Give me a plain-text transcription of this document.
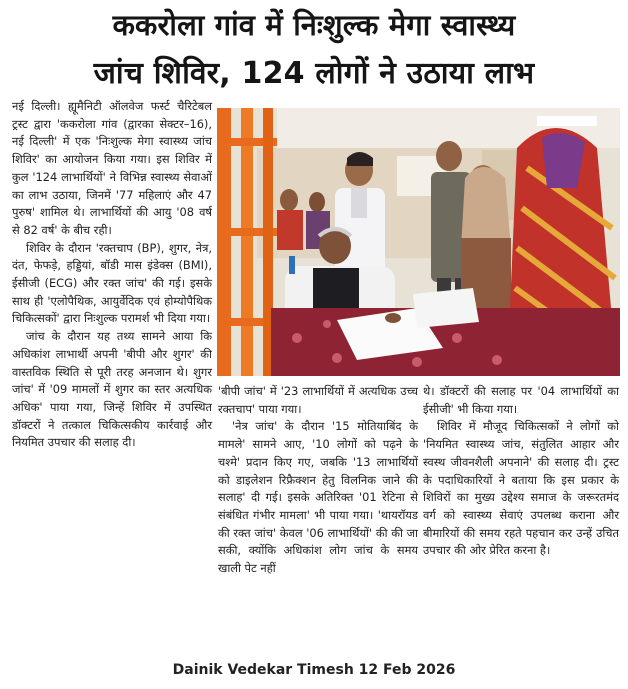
ककरोला गांव में निःशुल्क मेगा स्वास्थ्य
जांच शिविर, 124 लोगों ने उठाया लाभ

नई दिल्ली। ह्यूमैनिटी ऑलवेज फर्स्ट चैरिटेबल ट्रस्ट द्वारा 'ककरोला गांव (द्वारका सेक्टर–16), नई दिल्ली' में एक 'निःशुल्क मेगा स्वास्थ्य जांच शिविर' का आयोजन किया गया। इस शिविर में कुल '124 लाभार्थियों' ने विभिन्न स्वास्थ्य सेवाओं का लाभ उठाया, जिनमें '77 महिलाएं और 47 पुरुष' शामिल थे। लाभार्थियों की आयु '08 वर्ष से 82 वर्ष' के बीच रही।

शिविर के दौरान 'रक्तचाप (BP), शुगर, नेत्र, दंत, फेफड़े, हड्डियां, बॉडी मास इंडेक्स (BMI), ईसीजी (ECG) और रक्त जांच' की गई। इसके साथ ही 'एलोपैथिक, आयुर्वेदिक एवं होम्योपैथिक चिकित्सकों' द्वारा निःशुल्क परामर्श भी दिया गया।

जांच के दौरान यह तथ्य सामने आया कि अधिकांश लाभार्थी अपनी 'बीपी और शुगर' की वास्तविक स्थिति से पूरी तरह अनजान थे। शुगर जांच' में '09 मामलों में शुगर का स्तर अत्यधिक अधिक' पाया गया, जिन्हें शिविर में उपस्थित डॉक्टरों ने तत्काल चिकित्सकीय कार्रवाई और नियमित उपचार की सलाह दी।

'बीपी जांच' में '23 लाभार्थियों में अत्यधिक उच्च रक्तचाप' पाया गया।

'नेत्र जांच' के दौरान '15 मोतियाबिंद के मामले' सामने आए, '10 लोगों को पढ़ने के चश्मे' प्रदान किए गए, जबकि '13 लाभार्थियों को डाइलेशन रिफ्रैक्शन हेतु विलनिक जाने की सलाह' दी गई। इसके अतिरिक्त '01 रेटिना से संबंधित गंभीर मामला' भी पाया गया। 'थायरॉयड की रक्त जांच' केवल '06 लाभार्थियों' की की जा सकी, क्योंकि अधिकांश लोग जांच के समय खाली पेट नहीं

थे। डॉक्टरों की सलाह पर '04 लाभार्थियों का ईसीजी' भी किया गया।

शिविर में मौजूद चिकित्सकों ने लोगों को 'नियमित स्वास्थ्य जांच, संतुलित आहार और स्वस्थ जीवनशैली अपनाने' की सलाह दी। ट्रस्ट के पदाधिकारियों ने बताया कि इस प्रकार के शिविरों का मुख्य उद्देश्य समाज के जरूरतमंद वर्ग को स्वास्थ्य सेवाएं उपलब्ध कराना और बीमारियों की समय रहते पहचान कर उन्हें उचित उपचार की ओर प्रेरित करना है।

Dainik Vedekar Timesh 12 Feb 2026
